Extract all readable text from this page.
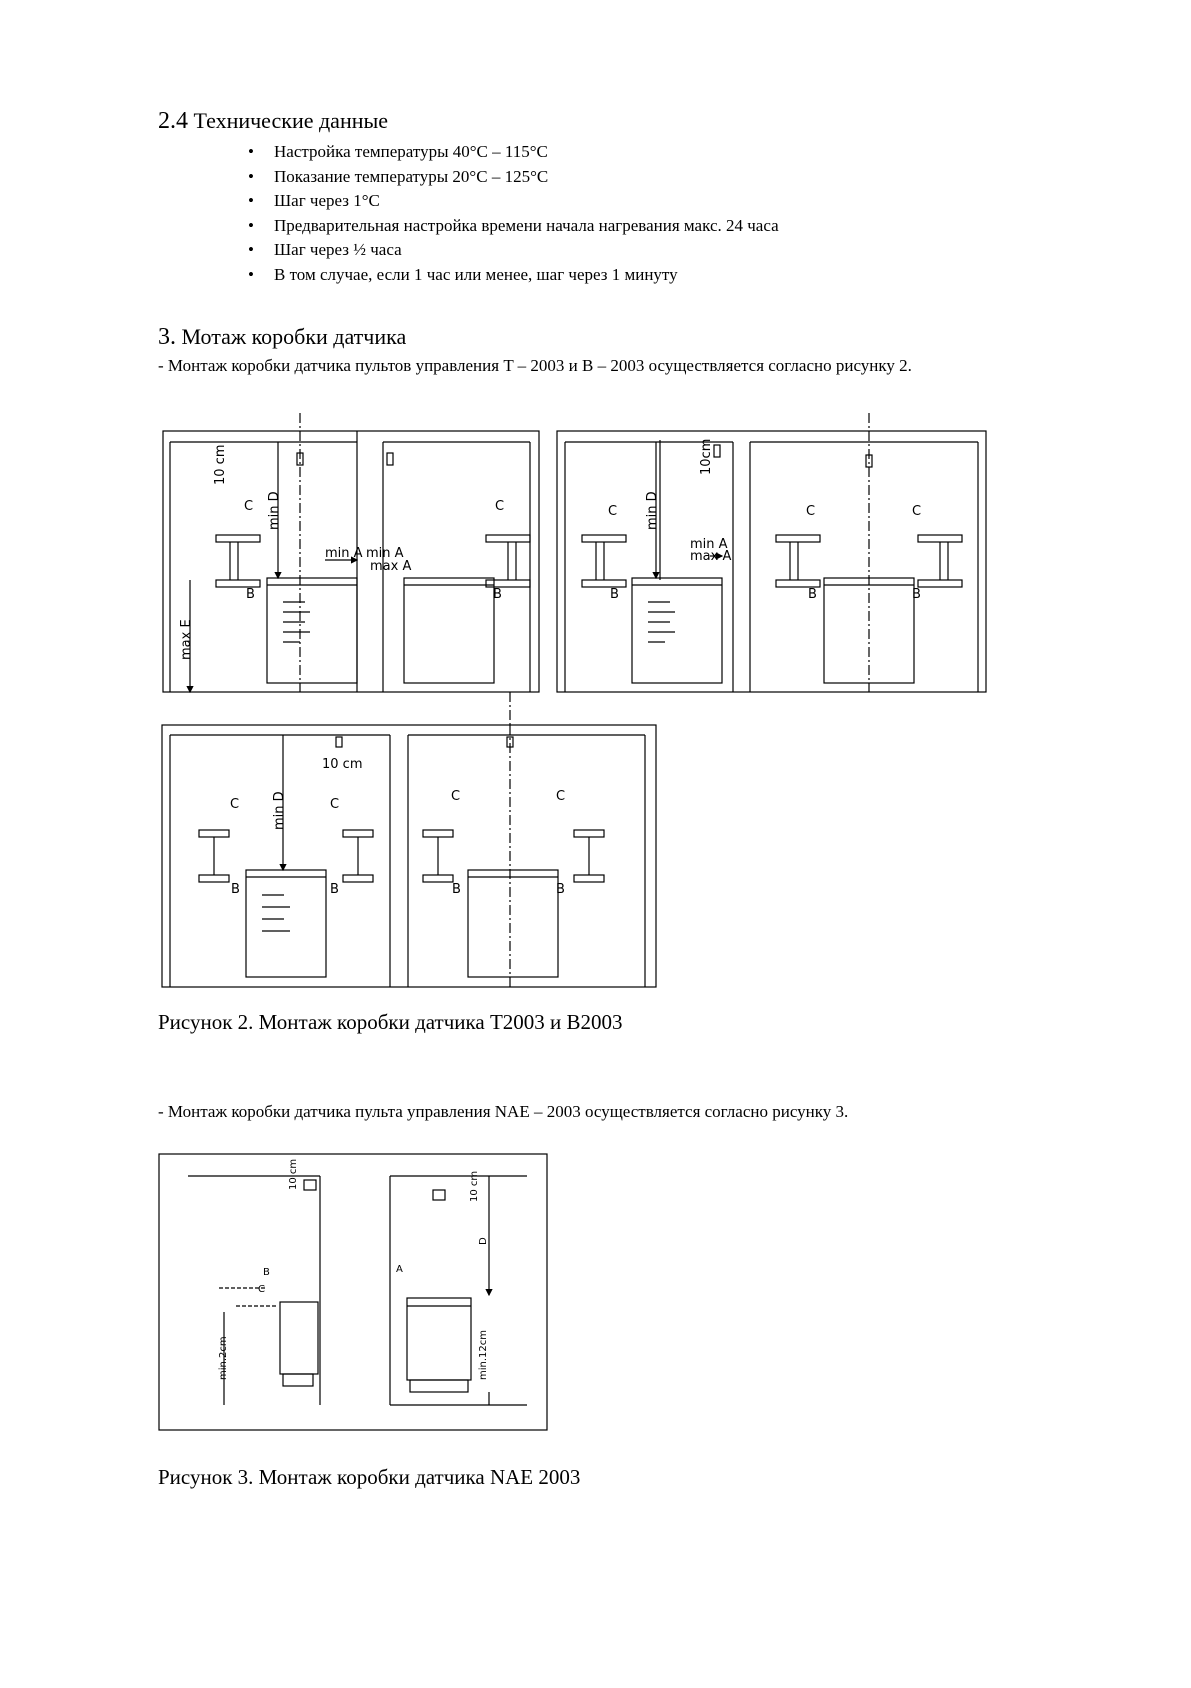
2.4 Технические данные
• Настройка температуры 40°C – 115°C
• Показание температуры 20°C – 125°C
• Шаг через 1°C
• Предварительная настройка времени начала нагревания макс. 24 часа
• Шаг через ½ часа
• В том случае, если 1 час или менее, шаг через 1 минуту
3. Мотаж коробки датчика
- Монтаж коробки датчика пультов управления T – 2003 и B – 2003 осуществляется согласно рисунку 2.
10 cm
min D
max E
min A min A
max A
C	C
B	B
C min D
10cm
min A
max A
B
C	C
B	B
10 cm
min D
C	C
B	B
C	C
B	B
10 cm	10 cm
D
A
B
C
min.2cm	min.12cm
Рисунок 2. Монтаж коробки датчика T2003 и B2003
- Монтаж коробки датчика пульта управления NAE – 2003 осуществляется согласно рисунку 3.
Рисунок 3. Монтаж коробки датчика NAE 2003
